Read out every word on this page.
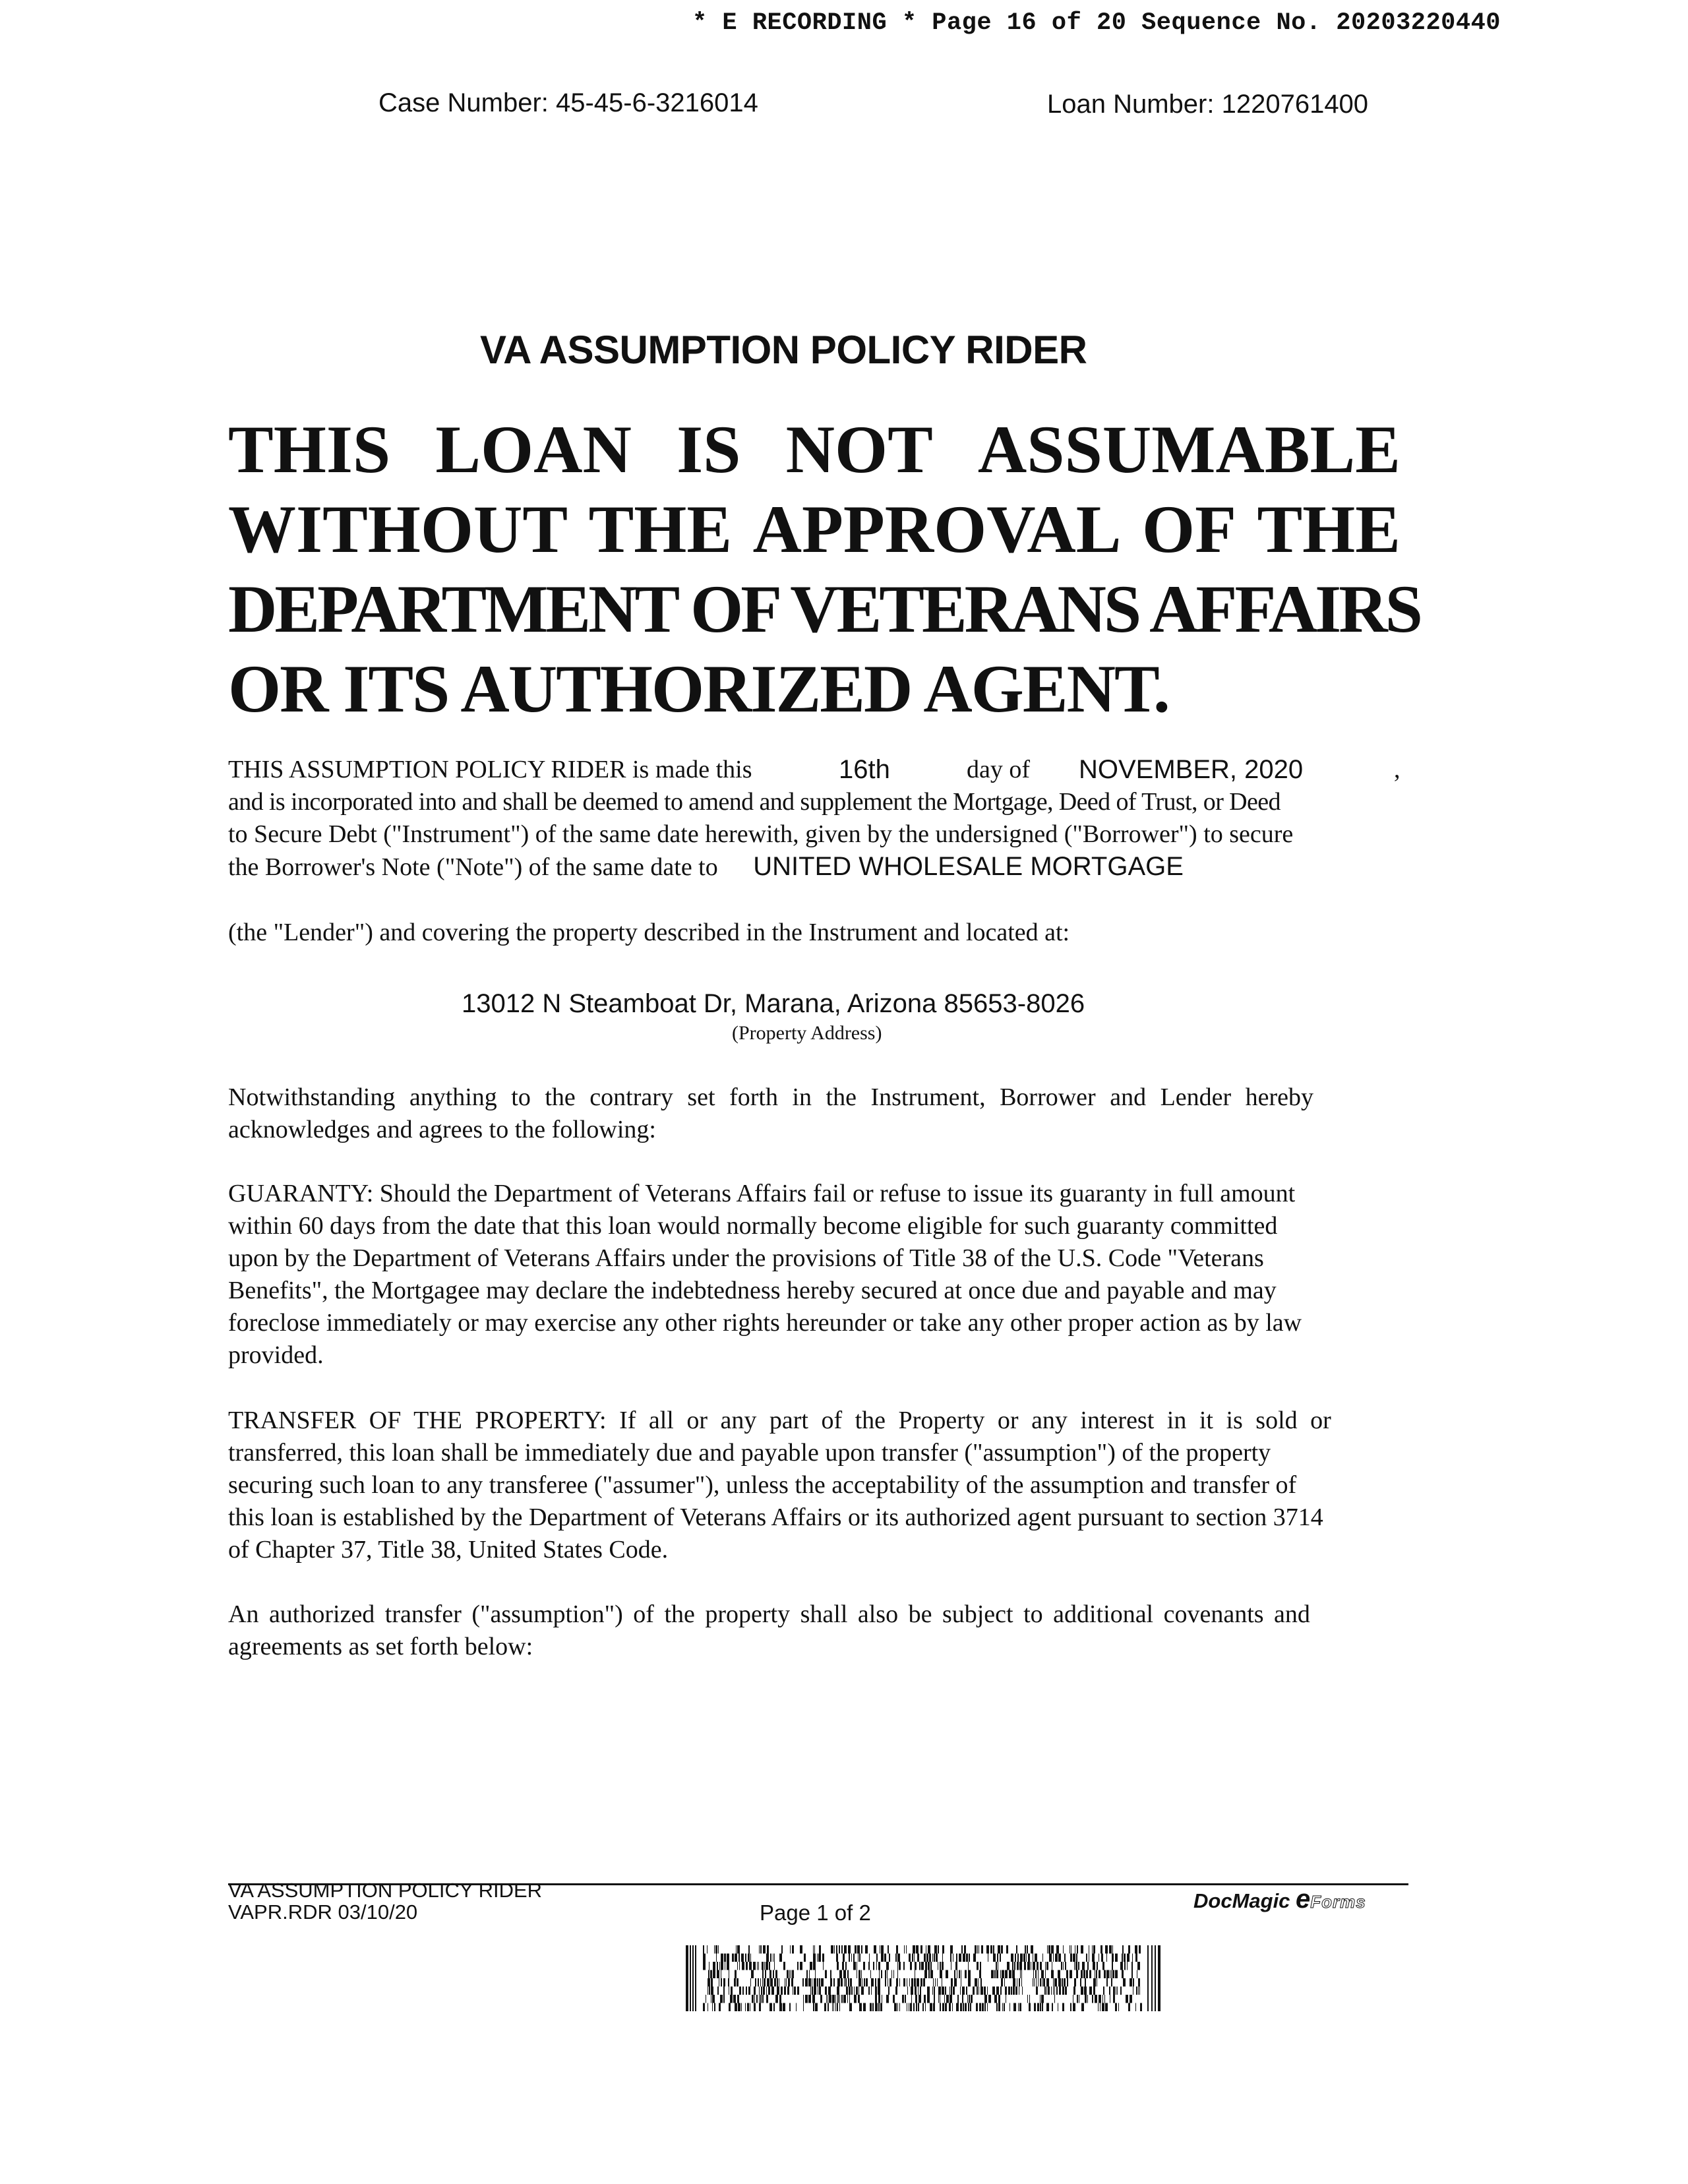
* E RECORDING * Page 16 of 20 Sequence No. 20203220440
Case Number: 45-45-6-3216014	Loan Number: 1220761400
VA ASSUMPTION POLICY RIDER
THIS LOAN IS NOT ASSUMABLE
WITHOUT THE APPROVAL OF THE
DEPARTMENT OF VETERANS AFFAIRS
OR ITS AUTHORIZED AGENT.
THIS ASSUMPTION POLICY RIDER is made this	16th	day of NOVEMBER, 2020	,
and is incorporated into and shall be deemed to amend and supplement the Mortgage, Deed of Trust, or Deed
to Secure Debt ("Instrument") of the same date herewith, given by the undersigned ("Borrower") to secure
the Borrower's Note ("Note") of the same date to UNITED WHOLESALE MORTGAGE
(the "Lender") and covering the property described in the Instrument and located at:
13012 N Steamboat Dr, Marana, Arizona 85653-8026
(Property Address)
Notwithstanding anything to the contrary set forth in the Instrument, Borrower and Lender hereby
acknowledges and agrees to the following:
GUARANTY: Should the Department of Veterans Affairs fail or refuse to issue its guaranty in full amount
within 60 days from the date that this loan would normally become eligible for such guaranty committed
upon by the Department of Veterans Affairs under the provisions of Title 38 of the U.S. Code "Veterans
Benefits", the Mortgagee may declare the indebtedness hereby secured at once due and payable and may
foreclose immediately or may exercise any other rights hereunder or take any other proper action as by law
provided.
TRANSFER OF THE PROPERTY: If all or any part of the Property or any interest in it is sold or
transferred, this loan shall be immediately due and payable upon transfer ("assumption") of the property
securing such loan to any transferee ("assumer"), unless the acceptability of the assumption and transfer of
this loan is established by the Department of Veterans Affairs or its authorized agent pursuant to section 3714
of Chapter 37, Title 38, United States Code.
An authorized transfer ("assumption") of the property shall also be subject to additional covenants and
agreements as set forth below:
VA ASSUMPTION POLICY RIDER
VAPR.RDR 03/10/20	Page 1 of 2	DocMagic eForms
